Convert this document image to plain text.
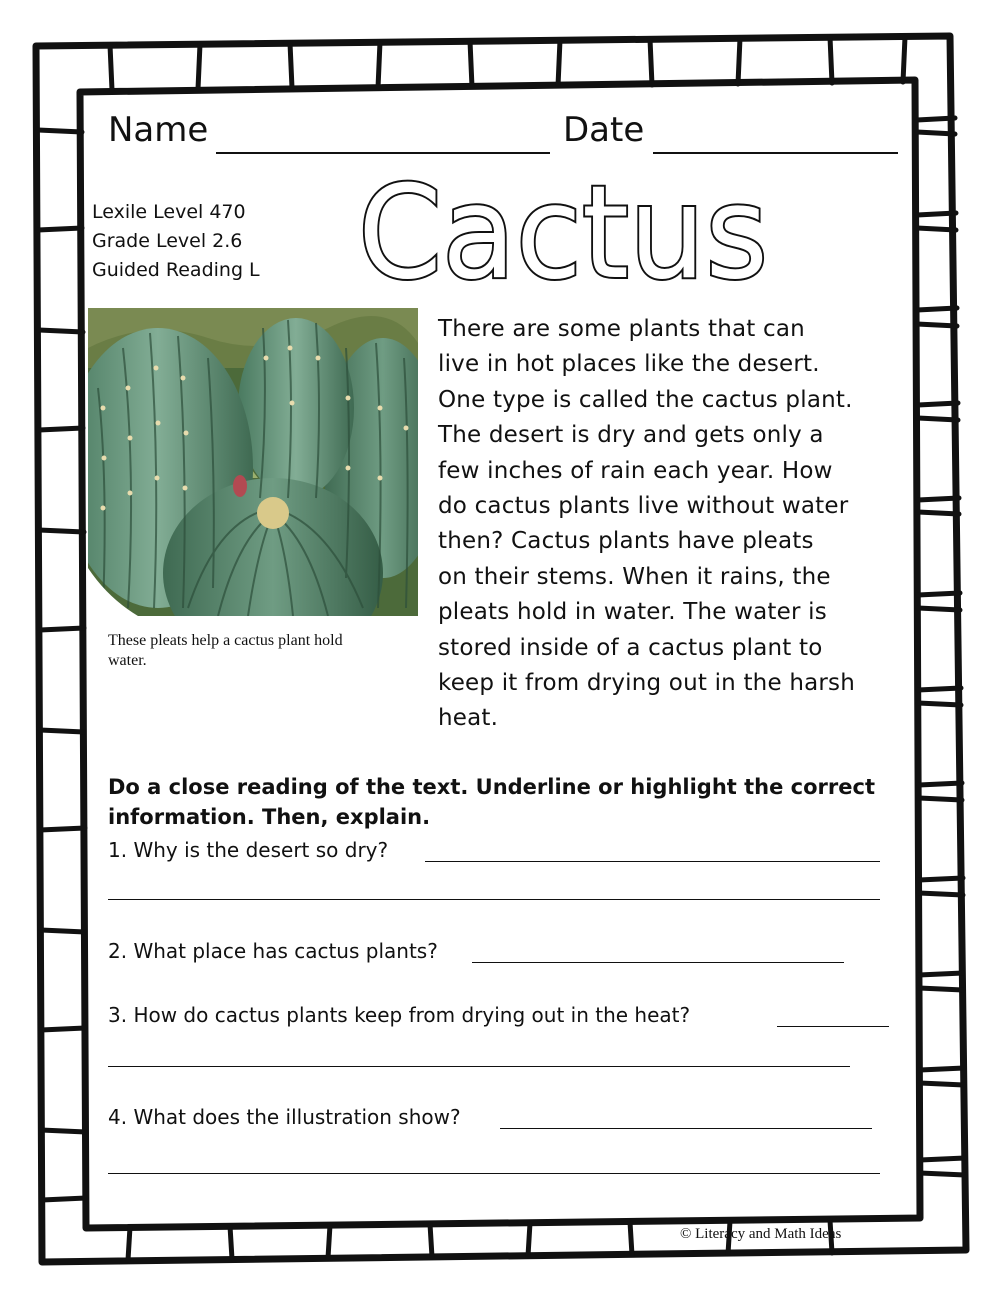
Name	Date
Lexile Level 470
Grade Level 2.6
Guided Reading L Cactus
These pleats help a cactus plant hold
water.
There are some plants that can
live in hot places like the desert.
One type is called the cactus plant.
The desert is dry and gets only a
few inches of rain each year. How
do cactus plants live without water
then? Cactus plants have pleats
on their stems. When it rains, the
pleats hold in water. The water is
stored inside of a cactus plant to
keep it from drying out in the harsh
heat.
Do a close reading of the text. Underline or highlight the correct
information. Then, explain.
1. Why is the desert so dry?
2. What place has cactus plants?
3. How do cactus plants keep from drying out in the heat?
4. What does the illustration show?
© Literacy and Math Ideas
